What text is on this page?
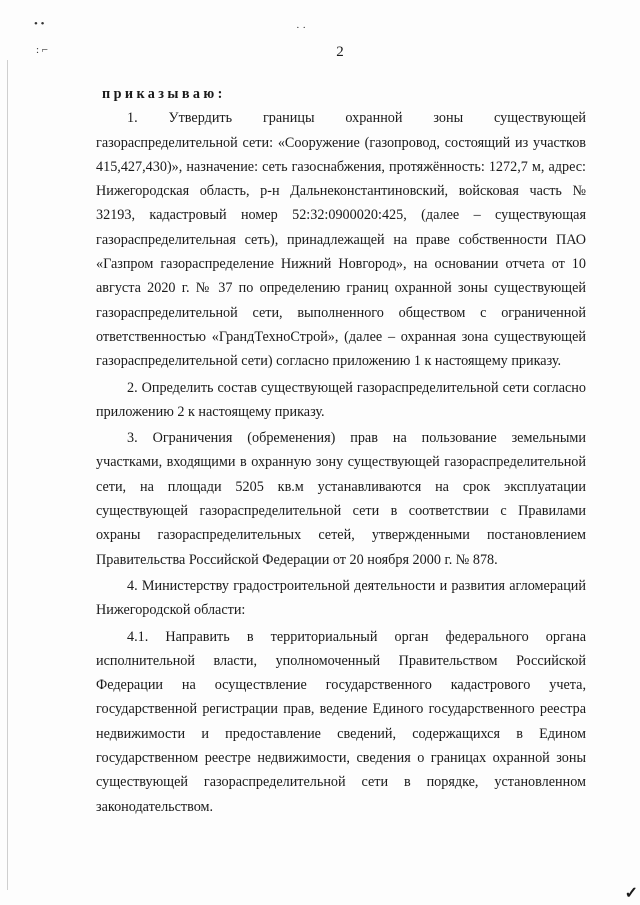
• •
: ⌐
· ·
2
приказываю:

1. Утвердить границы охранной зоны существующей газораспределительной сети: «Сооружение (газопровод, состоящий из участков 415,427,430)», назначение: сеть газоснабжения, протяжённость: 1272,7 м, адрес: Нижегородская область, р-н Дальнеконстантиновский, войсковая часть № 32193, кадастровый номер 52:32:0900020:425, (далее – существующая газораспределительная сеть), принадлежащей на праве собственности ПАО «Газпром газораспределение Нижний Новгород», на основании отчета от 10 августа 2020 г. № 37 по определению границ охранной зоны существующей газораспределительной сети, выполненного обществом с ограниченной ответственностью «ГрандТехноСтрой», (далее – охранная зона существующей газораспределительной сети) согласно приложению 1 к настоящему приказу.

2. Определить состав существующей газораспределительной сети согласно приложению 2 к настоящему приказу.

3. Ограничения (обременения) прав на пользование земельными участками, входящими в охранную зону существующей газораспределительной сети, на площади 5205 кв.м устанавливаются на срок эксплуатации существующей газораспределительной сети в соответствии с Правилами охраны газораспределительных сетей, утвержденными постановлением Правительства Российской Федерации от 20 ноября 2000 г. № 878.

4. Министерству градостроительной деятельности и развития агломераций Нижегородской области:

4.1. Направить в территориальный орган федерального органа исполнительной власти, уполномоченный Правительством Российской Федерации на осуществление государственного кадастрового учета, государственной регистрации прав, ведение Единого государственного реестра недвижимости и предоставление сведений, содержащихся в Едином государственном реестре недвижимости, сведения о границах охранной зоны существующей газораспределительной сети в порядке, установленном законодательством.

✓
